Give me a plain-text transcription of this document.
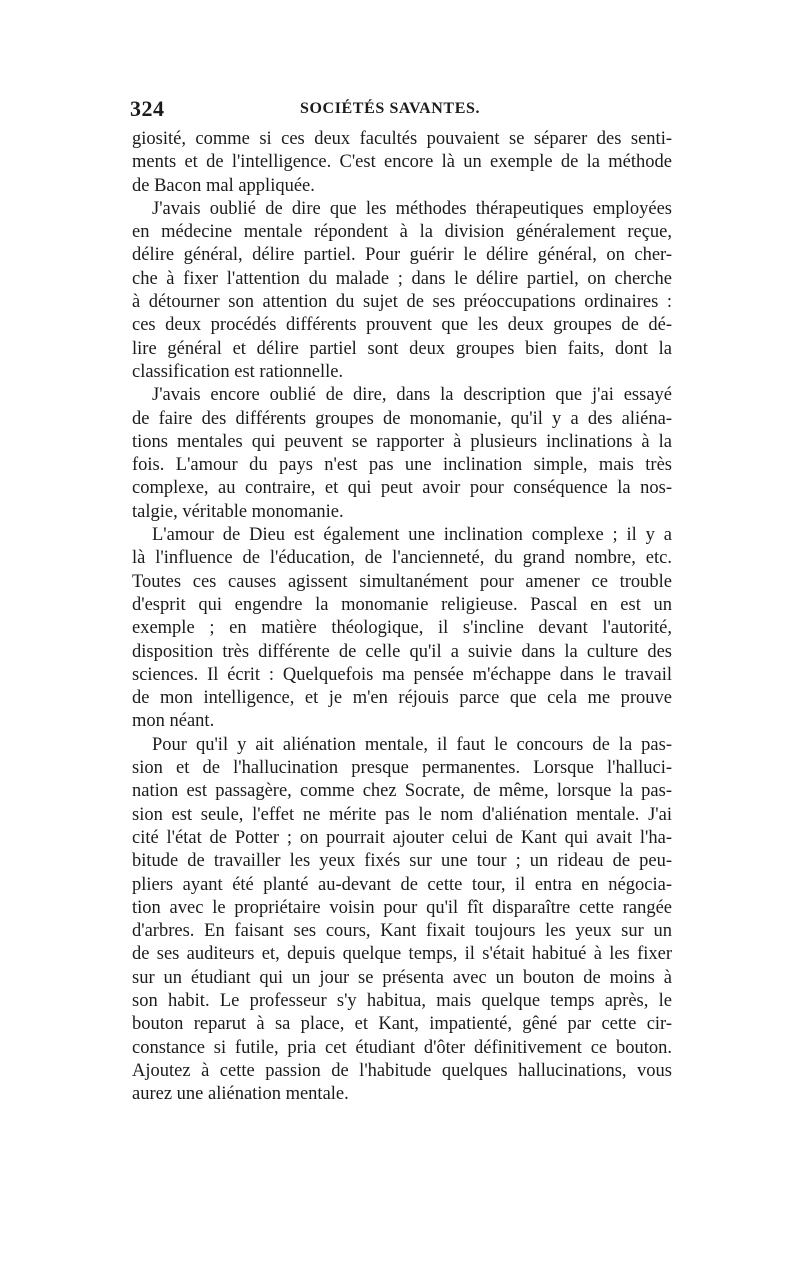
324	SOCIÉTÉS SAVANTES.
giosité, comme si ces deux facultés pouvaient se séparer des senti-
ments et de l'intelligence. C'est encore là un exemple de la méthode
de Bacon mal appliquée.
J'avais oublié de dire que les méthodes thérapeutiques employées
en médecine mentale répondent à la division généralement reçue,
délire général, délire partiel. Pour guérir le délire général, on cher-
che à fixer l'attention du malade ; dans le délire partiel, on cherche
à détourner son attention du sujet de ses préoccupations ordinaires :
ces deux procédés différents prouvent que les deux groupes de dé-
lire général et délire partiel sont deux groupes bien faits, dont la
classification est rationnelle.
J'avais encore oublié de dire, dans la description que j'ai essayé
de faire des différents groupes de monomanie, qu'il y a des aliéna-
tions mentales qui peuvent se rapporter à plusieurs inclinations à la
fois. L'amour du pays n'est pas une inclination simple, mais très
complexe, au contraire, et qui peut avoir pour conséquence la nos-
talgie, véritable monomanie.
L'amour de Dieu est également une inclination complexe ; il y a
là l'influence de l'éducation, de l'ancienneté, du grand nombre, etc.
Toutes ces causes agissent simultanément pour amener ce trouble
d'esprit qui engendre la monomanie religieuse. Pascal en est un
exemple ; en matière théologique, il s'incline devant l'autorité,
disposition très différente de celle qu'il a suivie dans la culture des
sciences. Il écrit : Quelquefois ma pensée m'échappe dans le travail
de mon intelligence, et je m'en réjouis parce que cela me prouve
mon néant.
Pour qu'il y ait aliénation mentale, il faut le concours de la pas-
sion et de l'hallucination presque permanentes. Lorsque l'halluci-
nation est passagère, comme chez Socrate, de même, lorsque la pas-
sion est seule, l'effet ne mérite pas le nom d'aliénation mentale. J'ai
cité l'état de Potter ; on pourrait ajouter celui de Kant qui avait l'ha-
bitude de travailler les yeux fixés sur une tour ; un rideau de peu-
pliers ayant été planté au-devant de cette tour, il entra en négocia-
tion avec le propriétaire voisin pour qu'il fît disparaître cette rangée
d'arbres. En faisant ses cours, Kant fixait toujours les yeux sur un
de ses auditeurs et, depuis quelque temps, il s'était habitué à les fixer
sur un étudiant qui un jour se présenta avec un bouton de moins à
son habit. Le professeur s'y habitua, mais quelque temps après, le
bouton reparut à sa place, et Kant, impatienté, gêné par cette cir-
constance si futile, pria cet étudiant d'ôter définitivement ce bouton.
Ajoutez à cette passion de l'habitude quelques hallucinations, vous
aurez une aliénation mentale.
